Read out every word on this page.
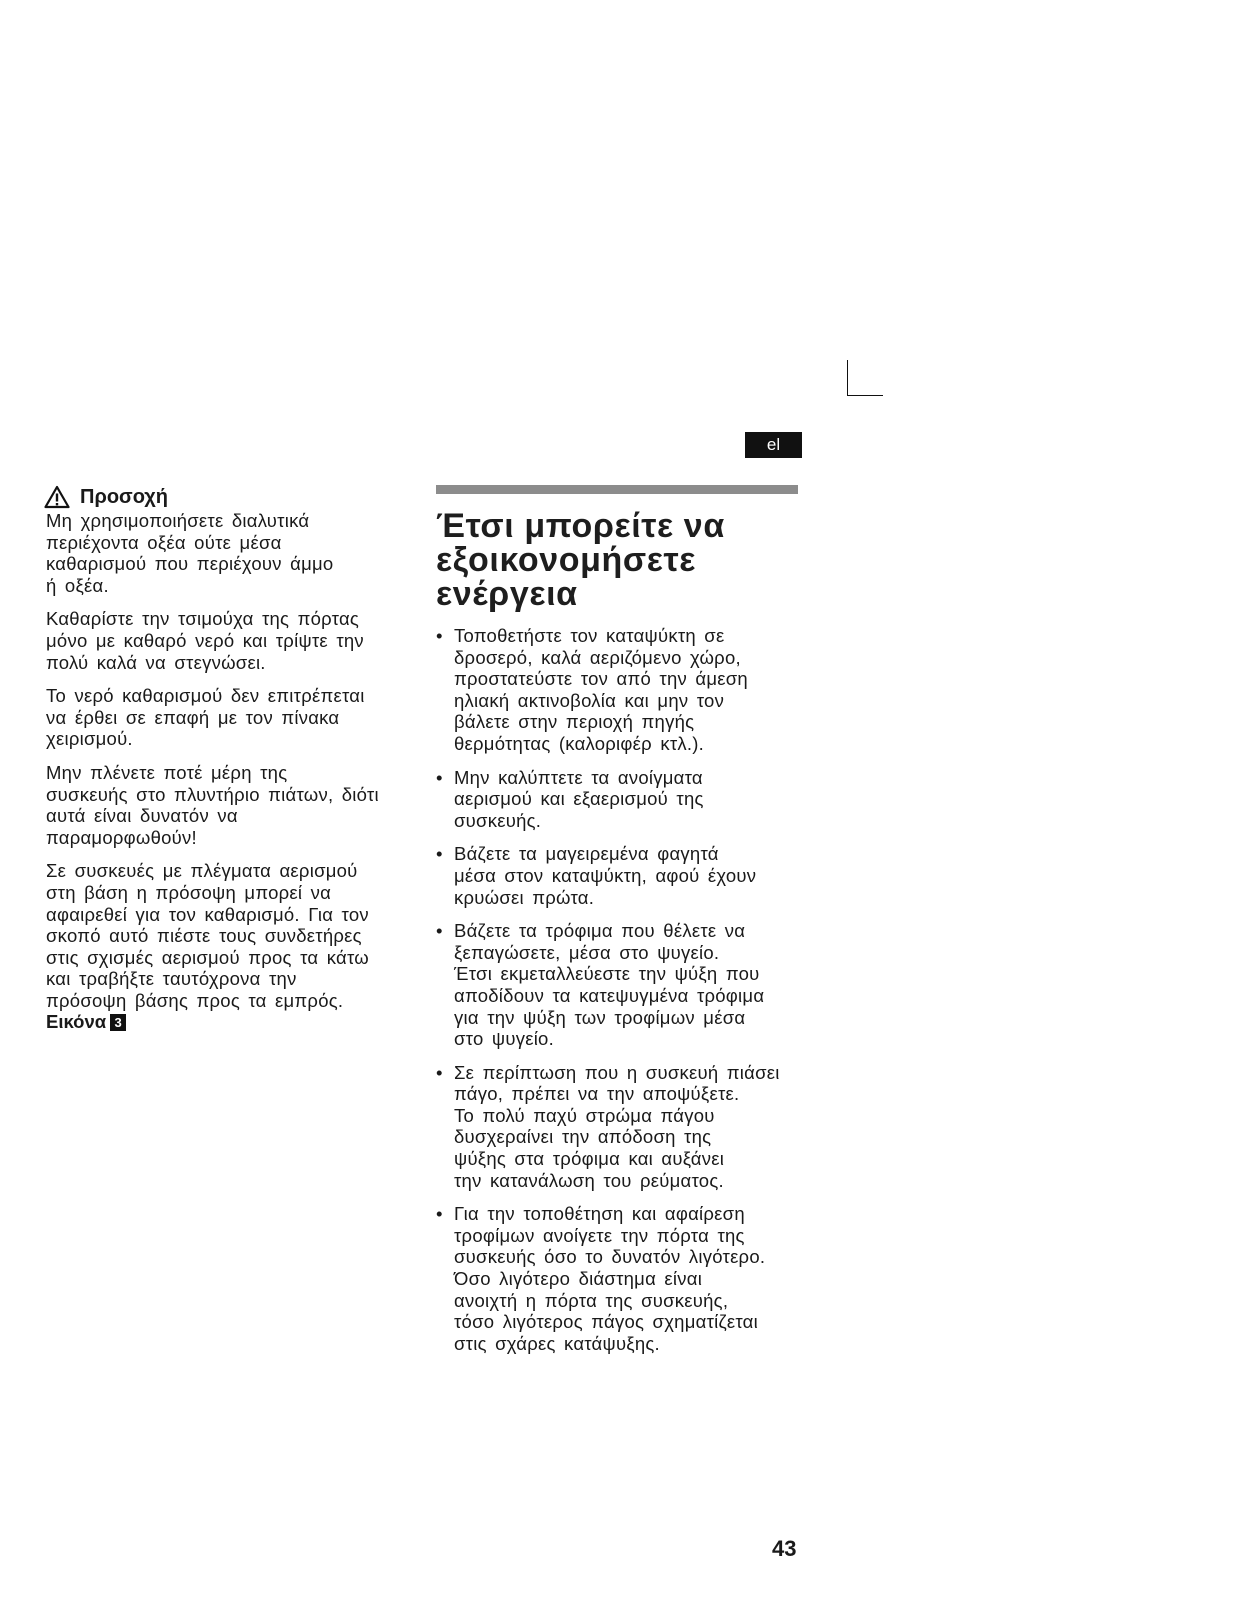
el
Προσοχή

Μη χρησιμοποιήσετε διαλυτικά
περιέχοντα οξέα ούτε μέσα
καθαρισμού που περιέχουν άμμο
ή οξέα.

Καθαρίστε την τσιμούχα της πόρτας
μόνο με καθαρό νερό και τρίψτε την
πολύ καλά να στεγνώσει.

Το νερό καθαρισμού δεν επιτρέπεται
να έρθει σε επαφή με τον πίνακα
χειρισμού.

Μην πλένετε ποτέ μέρη της
συσκευής στο πλυντήριο πιάτων, διότι
αυτά είναι δυνατόν να
παραμορφωθούν!

Σε συσκευές με πλέγματα αερισμού
στη βάση η πρόσοψη μπορεί να
αφαιρεθεί για τον καθαρισμό. Για τον
σκοπό αυτό πιέστε τους συνδετήρες
στις σχισμές αερισμού προς τα κάτω
και τραβήξτε ταυτόχρονα την
πρόσοψη βάσης προς τα εμπρός.

Εικόνα 3
Έτσι μπορείτε να
εξοικονομήσετε
ενέργεια
• Τοποθετήστε τον καταψύκτη σε
δροσερό, καλά αεριζόμενο χώρο,
προστατεύστε τον από την άμεση
ηλιακή ακτινοβολία και μην τον
βάλετε στην περιοχή πηγής
θερμότητας (καλοριφέρ κτλ.).
• Μην καλύπτετε τα ανοίγματα
αερισμού και εξαερισμού της
συσκευής.
• Βάζετε τα μαγειρεμένα φαγητά
μέσα στον καταψύκτη, αφού έχουν
κρυώσει πρώτα.
• Βάζετε τα τρόφιμα που θέλετε να
ξεπαγώσετε, μέσα στο ψυγείο.
Έτσι εκμεταλλεύεστε την ψύξη που
αποδίδουν τα κατεψυγμένα τρόφιμα
για την ψύξη των τροφίμων μέσα
στο ψυγείο.
• Σε περίπτωση που η συσκευή πιάσει
πάγο, πρέπει να την αποψύξετε.
Το πολύ παχύ στρώμα πάγου
δυσχεραίνει την απόδοση της
ψύξης στα τρόφιμα και αυξάνει
την κατανάλωση του ρεύματος.
• Για την τοποθέτηση και αφαίρεση
τροφίμων ανοίγετε την πόρτα της
συσκευής όσο το δυνατόν λιγότερο.
Όσο λιγότερο διάστημα είναι
ανοιχτή η πόρτα της συσκευής,
τόσο λιγότερος πάγος σχηματίζεται
στις σχάρες κατάψυξης.
43
